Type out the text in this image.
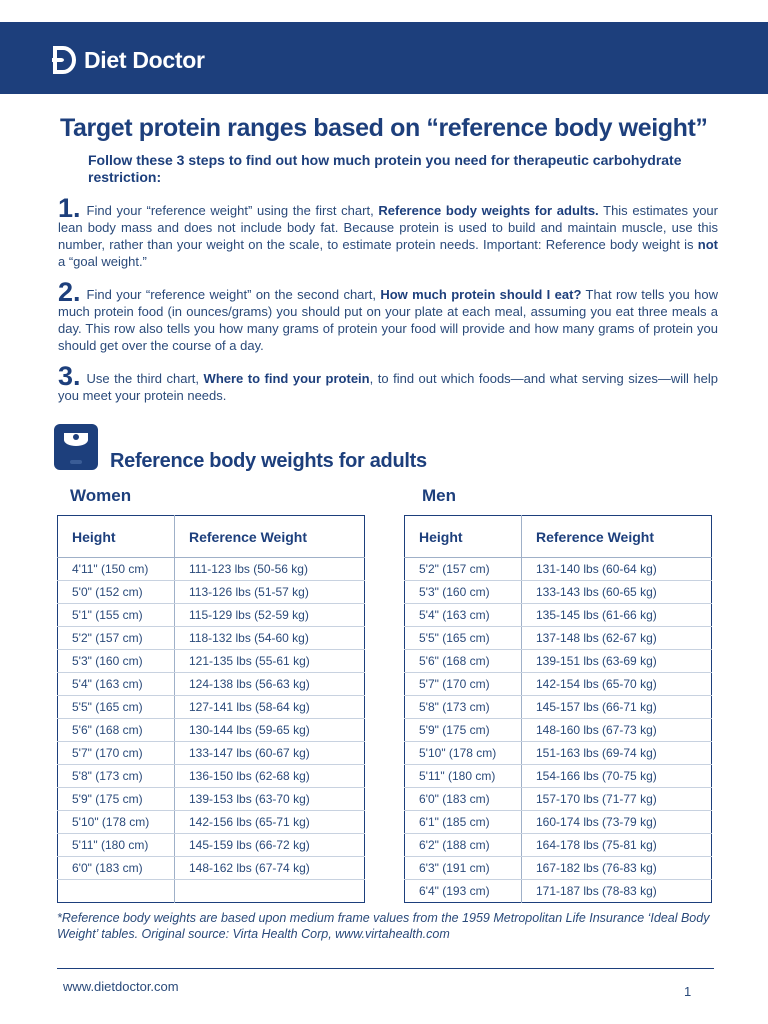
Diet Doctor
Target protein ranges based on “reference body weight”
Follow these 3 steps to find out how much protein you need for therapeutic carbohydrate restriction:
1. Find your “reference weight” using the first chart, Reference body weights for adults. This estimates your lean body mass and does not include body fat. Because protein is used to build and maintain muscle, use this number, rather than your weight on the scale, to estimate protein needs. Important: Reference body weight is not a “goal weight.”
2. Find your “reference weight” on the second chart, How much protein should I eat? That row tells you how much protein food (in ounces/grams) you should put on your plate at each meal, assuming you eat three meals a day. This row also tells you how many grams of protein your food will provide and how many grams of protein you should get over the course of a day.
3. Use the third chart, Where to find your protein, to find out which foods—and what serving sizes—will help you meet your protein needs.
Reference body weights for adults
Women	Men
Height	Reference Weight
4'11" (150 cm)	111-123 lbs (50-56 kg)
5'0" (152 cm)	113-126 lbs (51-57 kg)
5'1" (155 cm)	115-129 lbs (52-59 kg)
5'2" (157 cm)	118-132 lbs (54-60 kg)
5'3" (160 cm)	121-135 lbs (55-61 kg)
5'4" (163 cm)	124-138 lbs (56-63 kg)
5'5" (165 cm)	127-141 lbs (58-64 kg)
5'6" (168 cm)	130-144 lbs (59-65 kg)
5'7" (170 cm)	133-147 lbs (60-67 kg)
5'8" (173 cm)	136-150 lbs (62-68 kg)
5'9" (175 cm)	139-153 lbs (63-70 kg)
5'10" (178 cm)	142-156 lbs (65-71 kg)
5'11" (180 cm)	145-159 lbs (66-72 kg)
6'0" (183 cm)	148-162 lbs (67-74 kg)

Height	Reference Weight
5'2" (157 cm)	131-140 lbs (60-64 kg)
5'3" (160 cm)	133-143 lbs (60-65 kg)
5'4" (163 cm)	135-145 lbs (61-66 kg)
5'5" (165 cm)	137-148 lbs (62-67 kg)
5'6" (168 cm)	139-151 lbs (63-69 kg)
5'7" (170 cm)	142-154 lbs (65-70 kg)
5'8" (173 cm)	145-157 lbs (66-71 kg)
5'9" (175 cm)	148-160 lbs (67-73 kg)
5'10" (178 cm)	151-163 lbs (69-74 kg)
5'11" (180 cm)	154-166 lbs (70-75 kg)
6'0" (183 cm)	157-170 lbs (71-77 kg)
6'1" (185 cm)	160-174 lbs (73-79 kg)
6'2" (188 cm)	164-178 lbs (75-81 kg)
6'3" (191 cm)	167-182 lbs (76-83 kg)
6'4" (193 cm)	171-187 lbs (78-83 kg)
*Reference body weights are based upon medium frame values from the 1959 Metropolitan Life Insurance ‘Ideal Body Weight’ tables. Original source: Virta Health Corp, www.virtahealth.com
www.dietdoctor.com	1
